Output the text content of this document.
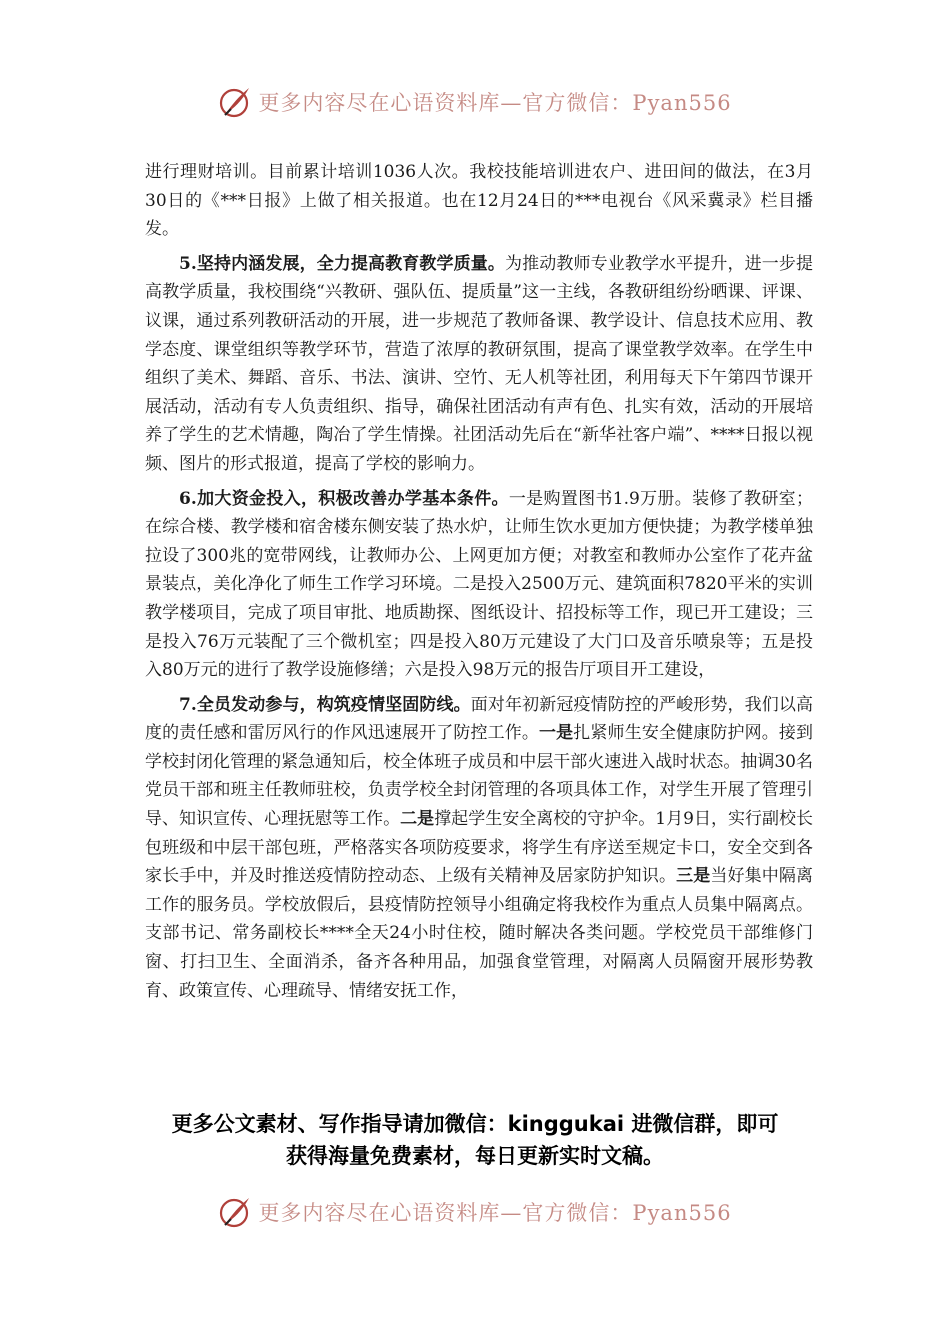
更多内容尽在心语资料库—官方微信：Pyan556

进行理财培训。目前累计培训1036人次。我校技能培训进农户、进田间的做法，在3月30日的《***日报》上做了相关报道。也在12月24日的***电视台《风采冀录》栏目播发。

5.坚持内涵发展，全力提高教育教学质量。为推动教师专业教学水平提升，进一步提高教学质量，我校围绕“兴教研、强队伍、提质量”这一主线，各教研组纷纷晒课、评课、议课，通过系列教研活动的开展，进一步规范了教师备课、教学设计、信息技术应用、教学态度、课堂组织等教学环节，营造了浓厚的教研氛围，提高了课堂教学效率。在学生中组织了美术、舞蹈、音乐、书法、演讲、空竹、无人机等社团，利用每天下午第四节课开展活动，活动有专人负责组织、指导，确保社团活动有声有色、扎实有效，活动的开展培养了学生的艺术情趣，陶冶了学生情操。社团活动先后在“新华社客户端”、****日报以视频、图片的形式报道，提高了学校的影响力。

6.加大资金投入，积极改善办学基本条件。一是购置图书1.9万册。装修了教研室；在综合楼、教学楼和宿舍楼东侧安装了热水炉，让师生饮水更加方便快捷；为教学楼单独拉设了300兆的宽带网线，让教师办公、上网更加方便；对教室和教师办公室作了花卉盆景装点，美化净化了师生工作学习环境。二是投入2500万元、建筑面积7820平米的实训教学楼项目，完成了项目审批、地质勘探、图纸设计、招投标等工作，现已开工建设；三是投入76万元装配了三个微机室；四是投入80万元建设了大门口及音乐喷泉等；五是投入80万元的进行了教学设施修缮；六是投入98万元的报告厅项目开工建设，

7.全员发动参与，构筑疫情坚固防线。面对年初新冠疫情防控的严峻形势，我们以高度的责任感和雷厉风行的作风迅速展开了防控工作。一是扎紧师生安全健康防护网。接到学校封闭化管理的紧急通知后，校全体班子成员和中层干部火速进入战时状态。抽调30名党员干部和班主任教师驻校，负责学校全封闭管理的各项具体工作，对学生开展了管理引导、知识宣传、心理抚慰等工作。二是撑起学生安全离校的守护伞。1月9日，实行副校长包班级和中层干部包班，严格落实各项防疫要求，将学生有序送至规定卡口，安全交到各家长手中，并及时推送疫情防控动态、上级有关精神及居家防护知识。三是当好集中隔离工作的服务员。学校放假后，县疫情防控领导小组确定将我校作为重点人员集中隔离点。支部书记、常务副校长****全天24小时住校，随时解决各类问题。学校党员干部维修门窗、打扫卫生、全面消杀，备齐各种用品，加强食堂管理，对隔离人员隔窗开展形势教育、政策宣传、心理疏导、情绪安抚工作，

更多公文素材、写作指导请加微信：kinggukai 进微信群，即可
获得海量免费素材，每日更新实时文稿。
更多内容尽在心语资料库—官方微信：Pyan556
